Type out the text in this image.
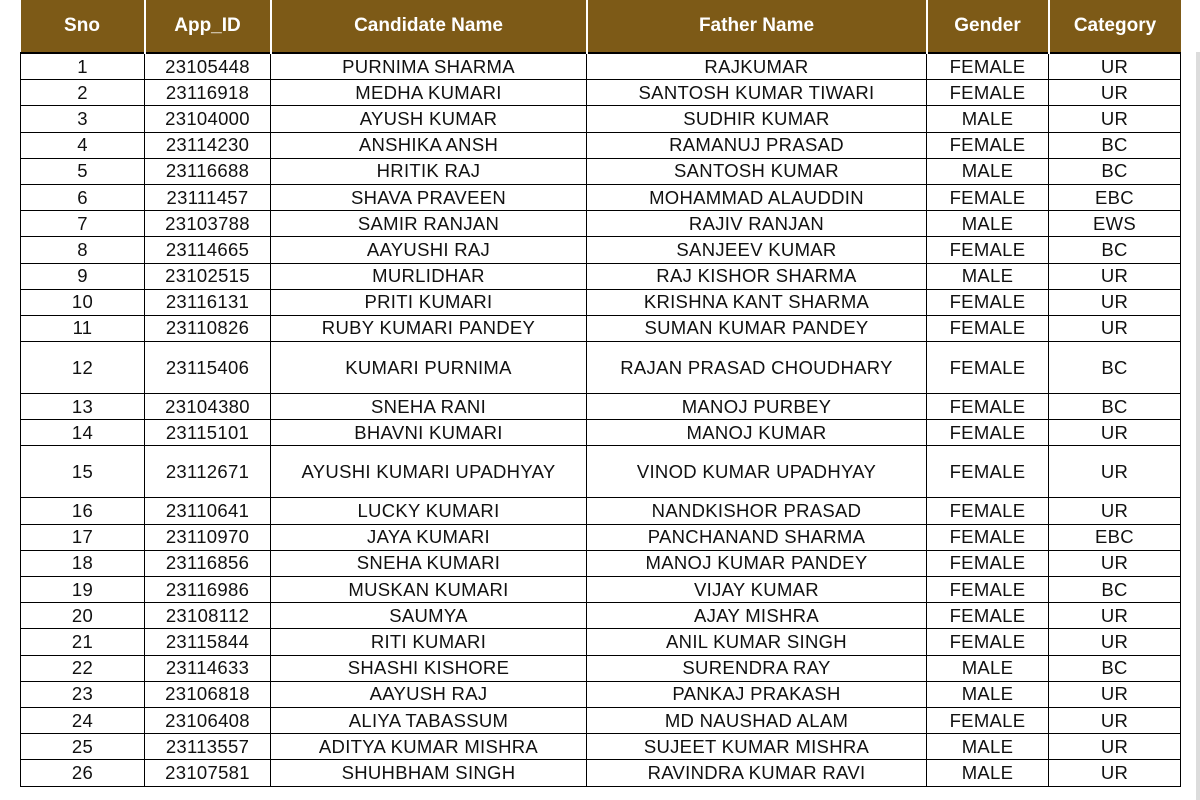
Sno	App_ID	Candidate Name	Father Name	Gender	Category
1	23105448	PURNIMA SHARMA	RAJKUMAR	FEMALE	UR
2	23116918	MEDHA KUMARI	SANTOSH KUMAR TIWARI	FEMALE	UR
3	23104000	AYUSH KUMAR	SUDHIR KUMAR	MALE	UR
4	23114230	ANSHIKA ANSH	RAMANUJ PRASAD	FEMALE	BC
5	23116688	HRITIK RAJ	SANTOSH KUMAR	MALE	BC
6	23111457	SHAVA PRAVEEN	MOHAMMAD ALAUDDIN	FEMALE	EBC
7	23103788	SAMIR RANJAN	RAJIV RANJAN	MALE	EWS
8	23114665	AAYUSHI RAJ	SANJEEV KUMAR	FEMALE	BC
9	23102515	MURLIDHAR	RAJ KISHOR SHARMA	MALE	UR
10	23116131	PRITI KUMARI	KRISHNA KANT SHARMA	FEMALE	UR
11	23110826	RUBY KUMARI PANDEY	SUMAN KUMAR PANDEY	FEMALE	UR
12	23115406	KUMARI PURNIMA	RAJAN PRASAD CHOUDHARY	FEMALE	BC
13	23104380	SNEHA RANI	MANOJ PURBEY	FEMALE	BC
14	23115101	BHAVNI KUMARI	MANOJ KUMAR	FEMALE	UR
15	23112671	AYUSHI KUMARI UPADHYAY	VINOD KUMAR UPADHYAY	FEMALE	UR
16	23110641	LUCKY KUMARI	NANDKISHOR PRASAD	FEMALE	UR
17	23110970	JAYA KUMARI	PANCHANAND SHARMA	FEMALE	EBC
18	23116856	SNEHA KUMARI	MANOJ KUMAR PANDEY	FEMALE	UR
19	23116986	MUSKAN KUMARI	VIJAY KUMAR	FEMALE	BC
20	23108112	SAUMYA	AJAY MISHRA	FEMALE	UR
21	23115844	RITI KUMARI	ANIL KUMAR SINGH	FEMALE	UR
22	23114633	SHASHI KISHORE	SURENDRA RAY	MALE	BC
23	23106818	AAYUSH RAJ	PANKAJ PRAKASH	MALE	UR
24	23106408	ALIYA TABASSUM	MD NAUSHAD ALAM	FEMALE	UR
25	23113557	ADITYA KUMAR MISHRA	SUJEET KUMAR MISHRA	MALE	UR
26	23107581	SHUHBHAM SINGH	RAVINDRA KUMAR RAVI	MALE	UR
